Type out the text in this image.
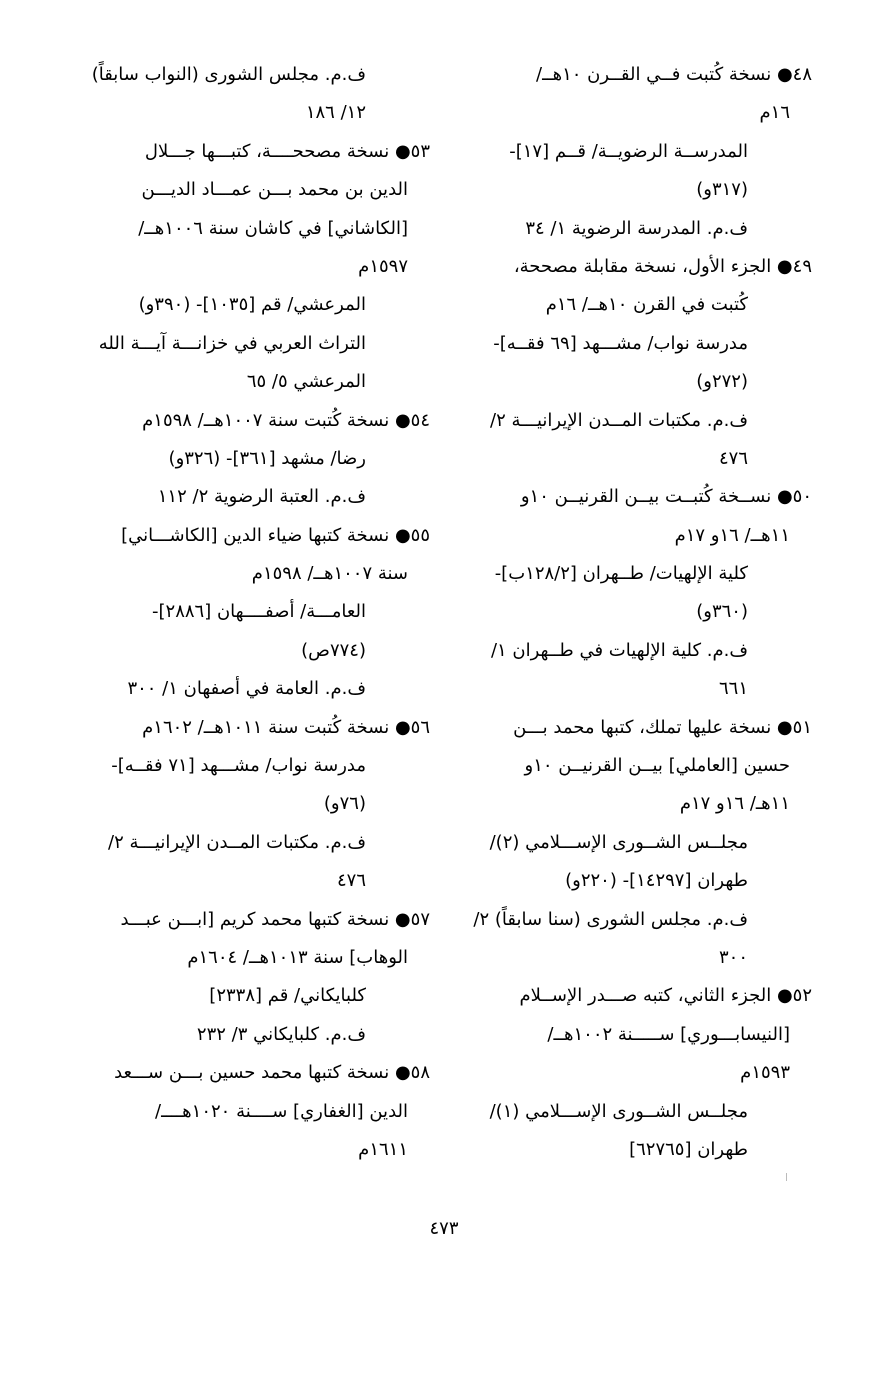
٤٨● نسخة كُتبت فــي القــرن ١٠هــ/
١٦م
المدرســة الرضويــة/ قــم [١٧]-
(٣١٧و)
ف.م. المدرسة الرضوية ١/ ٣٤
٤٩● الجزء الأول، نسخة مقابلة مصححة،
كُتبت في القرن ١٠هــ/ ١٦م
مدرسة نواب/ مشـــهد [٦٩ فقــه]-
(٢٧٢و)
ف.م. مكتبات المــدن الإيرانيـــة ٢/
٤٧٦
٥٠● نســخة كُتبــت بيــن القرنيــن ١٠و
١١هــ/ ١٦و ١٧م
كلية الإلهيات/ طــهران [١٢٨/٢ب]-
(٣٦٠و)
ف.م. كلية الإلهيات في طــهران ١/
٦٦١
٥١● نسخة عليها تملك، كتبها محمد بـــن
حسين [العاملي] بيــن القرنيــن ١٠و
١١هـ/ ١٦و ١٧م
مجلــس الشــورى الإســـلامي (٢)/
طهران [١٤٢٩٧]- (٢٢٠و)
ف.م. مجلس الشورى (سنا سابقاً) ٢/
٣٠٠
٥٢● الجزء الثاني، كتبه صـــدر الإســلام
[النيسابـــوري] ســـــنة ١٠٠٢هــ/
١٥٩٣م
مجلــس الشــورى الإســـلامي (١)/
طهران [٦٢٧٦٥]
ف.م. مجلس الشورى (النواب سابقاً)
١٢/ ١٨٦
٥٣● نسخة مصححــــة، كتبـــها جـــلال
الدين بن محمد بـــن عمـــاد الديـــن
[الكاشاني] في كاشان سنة ١٠٠٦هــ/
١٥٩٧م
المرعشي/ قم [١٠٣٥]- (٣٩٠و)
التراث العربي في خزانـــة آيـــة الله
المرعشي ٥/ ٦٥
٥٤● نسخة كُتبت سنة ١٠٠٧هــ/ ١٥٩٨م
رضا/ مشهد [٣٦١]- (٣٢٦و)
ف.م. العتبة الرضوية ٢/ ١١٢
٥٥● نسخة كتبها ضياء الدين [الكاشـــاني]
سنة ١٠٠٧هــ/ ١٥٩٨م
العامـــة/ أصفــــهان [٢٨٨٦]-
(٧٧٤ص)
ف.م. العامة في أصفهان ١/ ٣٠٠
٥٦● نسخة كُتبت سنة ١٠١١هــ/ ١٦٠٢م
مدرسة نواب/ مشـــهد [٧١ فقــه]-
(٧٦و)
ف.م. مكتبات المــدن الإيرانيـــة ٢/
٤٧٦
٥٧● نسخة كتبها محمد كريم [ابـــن عبـــد
الوهاب] سنة ١٠١٣هــ/ ١٦٠٤م
كلبايكاني/ قم [٢٣٣٨]
ف.م. كلبايكاني ٣/ ٢٣٢
٥٨● نسخة كتبها محمد حسين بـــن ســـعد
الدين [الغفاري] ســــنة ١٠٢٠هــــ/
١٦١١م
٤٧٣
